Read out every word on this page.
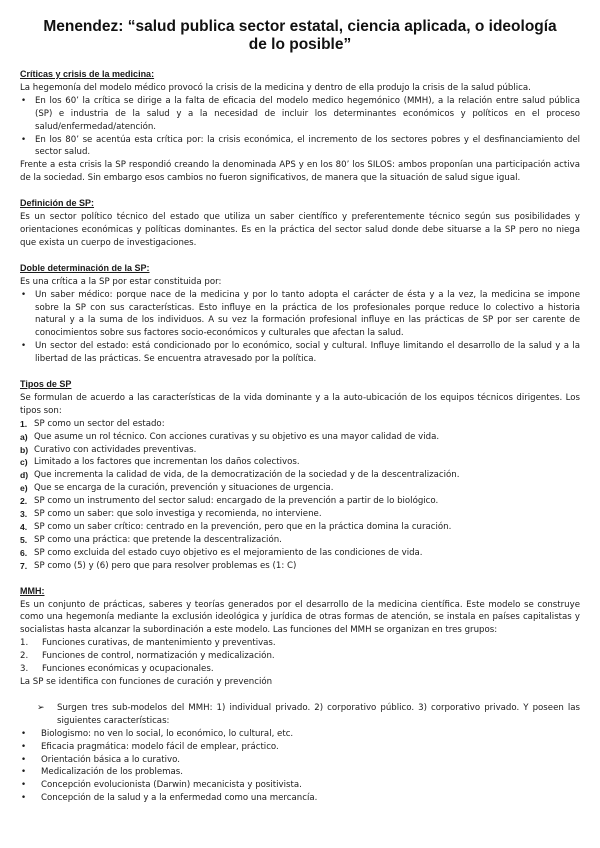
Menendez: “salud publica sector estatal, ciencia aplicada, o ideología de lo posible”
Críticas y crisis de la medicina:

La hegemonía del modelo médico provocó la crisis de la medicina y dentro de ella produjo la crisis de la salud pública.

• En los 60’ la crítica se dirige a la falta de eficacia del modelo medico hegemónico (MMH), a la relación entre salud pública (SP) e industria de la salud y a la necesidad de incluir los determinantes económicos y políticos en el proceso salud/enfermedad/atención.
• En los 80’ se acentúa esta crítica por: la crisis económica, el incremento de los sectores pobres y el desfinanciamiento del sector salud.

Frente a esta crisis la SP respondió creando la denominada APS y en los 80’ los SILOS: ambos proponían una participación activa de la sociedad. Sin embargo esos cambios no fueron significativos, de manera que la situación de salud sigue igual.

Definición de SP:

Es un sector político técnico del estado que utiliza un saber científico y preferentemente técnico según sus posibilidades y orientaciones económicas y políticas dominantes. Es en la práctica del sector salud donde debe situarse a la SP pero no niega que exista un cuerpo de investigaciones.

Doble determinación de la SP:

Es una crítica a la SP por estar constituida por:

• Un saber médico: porque nace de la medicina y por lo tanto adopta el carácter de ésta y a la vez, la medicina se impone sobre la SP con sus características. Esto influye en la práctica de los profesionales porque reduce lo colectivo a historia natural y a la suma de los individuos. A su vez la formación profesional influye en las prácticas de SP por ser carente de conocimientos sobre sus factores socio-económicos y culturales que afectan la salud.
• Un sector del estado: está condicionado por lo económico, social y cultural. Influye limitando el desarrollo de la salud y a la libertad de las prácticas. Se encuentra atravesado por la política.
Tipos de SP

Se formulan de acuerdo a las características de la vida dominante y a la auto-ubicación de los equipos técnicos dirigentes. Los tipos son:

1. SP como un sector del estado:
a) Que asume un rol técnico. Con acciones curativas y su objetivo es una mayor calidad de vida.
b) Curativo con actividades preventivas.
c) Limitado a los factores que incrementan los daños colectivos.
d) Que incrementa la calidad de vida, de la democratización de la sociedad y de la descentralización.
e) Que se encarga de la curación, prevención y situaciones de urgencia.
2. SP como un instrumento del sector salud: encargado de la prevención a partir de lo biológico.
3. SP como un saber: que solo investiga y recomienda, no interviene.
4. SP como un saber crítico: centrado en la prevención, pero que en la práctica domina la curación.
5. SP como una práctica: que pretende la descentralización.
6. SP como excluida del estado cuyo objetivo es el mejoramiento de las condiciones de vida.
7. SP como (5) y (6) pero que para resolver problemas es (1: C)
MMH:

Es un conjunto de prácticas, saberes y teorías generados por el desarrollo de la medicina científica. Este modelo se construye como una hegemonía mediante la exclusión ideológica y jurídica de otras formas de atención, se instala en países capitalistas y socialistas hasta alcanzar la subordinación a este modelo. Las funciones del MMH se organizan en tres grupos:

1. Funciones curativas, de mantenimiento y preventivas.
2. Funciones de control, normatización y medicalización.
3. Funciones económicas y ocupacionales.

La SP se identifica con funciones de curación y prevención

➢ Surgen tres sub-modelos del MMH: 1) individual privado. 2) corporativo público. 3) corporativo privado. Y poseen las siguientes características:
• Biologismo: no ven lo social, lo económico, lo cultural, etc.
• Eficacia pragmática: modelo fácil de emplear, práctico.
• Orientación básica a lo curativo.
• Medicalización de los problemas.
• Concepción evolucionista (Darwin) mecanicista y positivista.
• Concepción de la salud y a la enfermedad como una mercancía.
